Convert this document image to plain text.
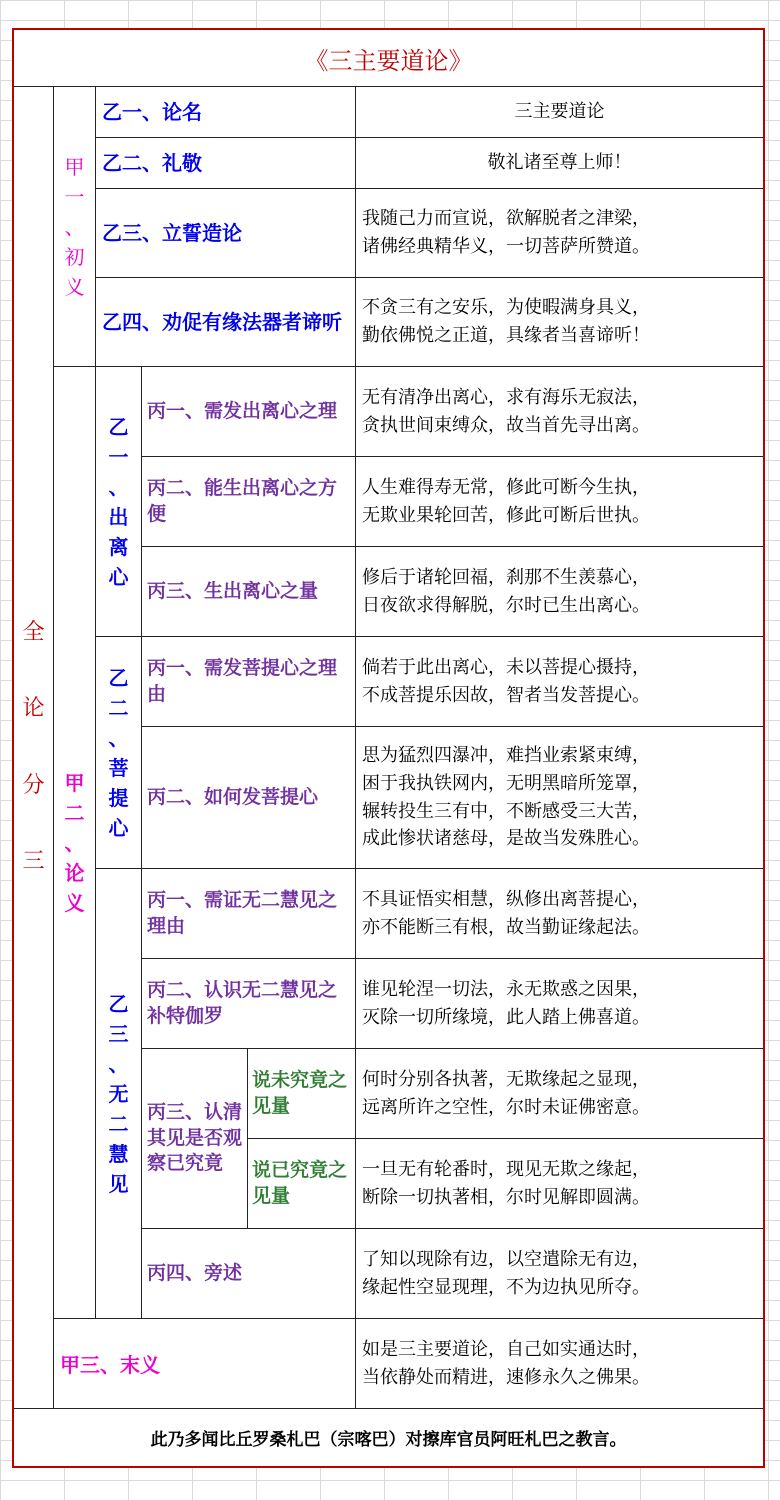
《三主要道论》
全
论
分
三
甲
一
、
初
义
乙一、论名	三主要道论
乙二、礼敬	敬礼诸至尊上师！
乙三、立誓造论
我随己力而宣说，欲解脱者之津梁，
诸佛经典精华义，一切菩萨所赞道。
乙四、劝促有缘法器者谛听
不贪三有之安乐，为使暇满身具义，
勤依佛悦之正道，具缘者当喜谛听！
甲
二
、
论
义
乙
一
、
出
离
心
丙一、需发出离心之理
无有清净出离心，求有海乐无寂法，
贪执世间束缚众，故当首先寻出离。
丙二、能生出离心之方便
人生难得寿无常，修此可断今生执，
无欺业果轮回苦，修此可断后世执。
丙三、生出离心之量
修后于诸轮回福，刹那不生羡慕心，
日夜欲求得解脱，尔时已生出离心。
乙
二
、
菩
提
心
丙一、需发菩提心之理由
倘若于此出离心，未以菩提心摄持，
不成菩提乐因故，智者当发菩提心。
丙二、如何发菩提心
思为猛烈四瀑冲，难挡业索紧束缚，
困于我执铁网内，无明黑暗所笼罩，
辗转投生三有中，不断感受三大苦，
成此惨状诸慈母，是故当发殊胜心。
乙
三
、
无
二
慧
见
丙一、需证无二慧见之理由
不具证悟实相慧，纵修出离菩提心，
亦不能断三有根，故当勤证缘起法。
丙二、认识无二慧见之补特伽罗
谁见轮涅一切法，永无欺惑之因果，
灭除一切所缘境，此人踏上佛喜道。
丙三、认清其见是否观察已究竟
说未究竟之见量
何时分别各执著，无欺缘起之显现，
远离所许之空性，尔时未证佛密意。
说已究竟之见量
一旦无有轮番时，现见无欺之缘起，
断除一切执著相，尔时见解即圆满。
丙四、旁述
了知以现除有边，以空遣除无有边，
缘起性空显现理，不为边执见所夺。
甲三、末义
如是三主要道论，自己如实通达时，
当依静处而精进，速修永久之佛果。
此乃多闻比丘罗桑札巴（宗喀巴）对擦库官员阿旺札巴之教言。
